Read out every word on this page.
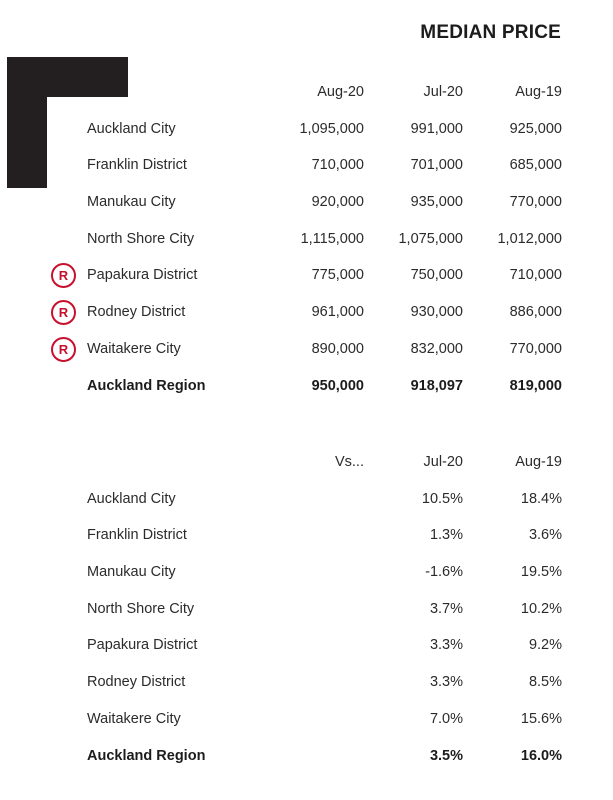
MEDIAN PRICE
Aug-20	Jul-20	Aug-19
Auckland City	1,095,000	991,000	925,000
Franklin District	710,000	701,000	685,000
Manukau City	920,000	935,000	770,000
North Shore City	1,115,000 1,075,000 1,012,000
R	Papakura District	775,000	750,000	710,000
R	Rodney District	961,000	930,000	886,000
R	Waitakere City	890,000	832,000	770,000
Auckland Region	950,000	918,097	819,000
Vs...	Jul-20	Aug-19
Auckland City	10.5%	18.4%
Franklin District	1.3%	3.6%
Manukau City	-1.6%	19.5%
North Shore City	3.7%	10.2%
Papakura District	3.3%	9.2%
Rodney District	3.3%	8.5%
Waitakere City	7.0%	15.6%
Auckland Region	3.5%	16.0%
